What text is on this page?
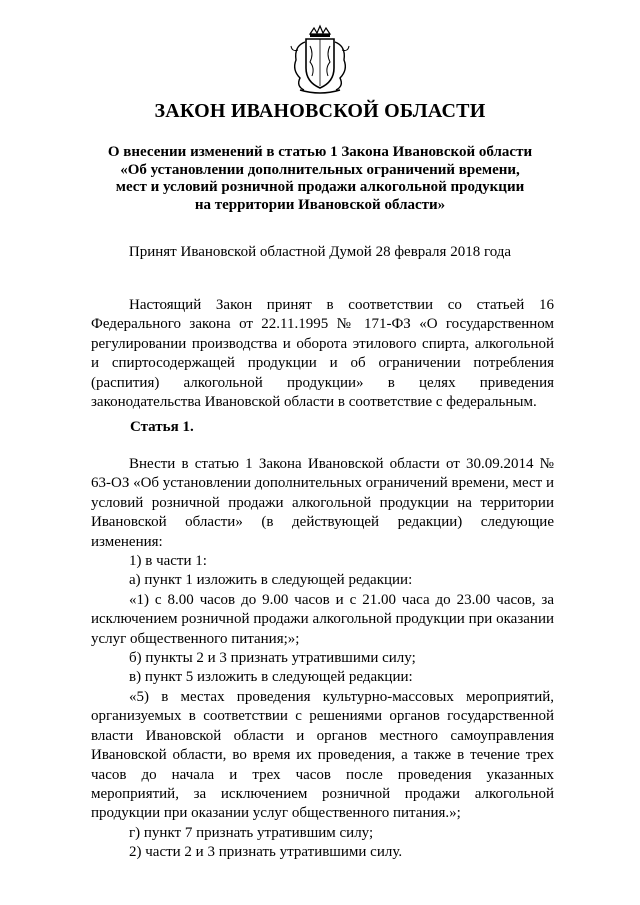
ЗАКОН ИВАНОВСКОЙ ОБЛАСТИ
О внесении изменений в статью 1 Закона Ивановской области
«Об установлении дополнительных ограничений времени,
мест и условий розничной продажи алкогольной продукции
на территории Ивановской области»
Принят Ивановской областной Думой 28 февраля 2018 года

Настоящий Закон принят в соответствии со статьей 16 Федерального закона от 22.11.1995 № 171-ФЗ «О государственном регулировании производства и оборота этилового спирта, алкогольной и спиртосодержащей продукции и об ограничении потребления (распития) алкогольной продукции» в целях приведения законодательства Ивановской области в соответствие с федеральным.

Статья 1.

Внести в статью 1 Закона Ивановской области от 30.09.2014 № 63-ОЗ «Об установлении дополнительных ограничений времени, мест и условий розничной продажи алкогольной продукции на территории Ивановской области» (в действующей редакции) следующие изменения:

1) в части 1:

а) пункт 1 изложить в следующей редакции:

«1) с 8.00 часов до 9.00 часов и с 21.00 часа до 23.00 часов, за исключением розничной продажи алкогольной продукции при оказании услуг общественного питания;»;

б) пункты 2 и 3 признать утратившими силу;

в) пункт 5 изложить в следующей редакции:

«5) в местах проведения культурно-массовых мероприятий, организуемых в соответствии с решениями органов государственной власти Ивановской области и органов местного самоуправления Ивановской области, во время их проведения, а также в течение трех часов до начала и трех часов после проведения указанных мероприятий, за исключением розничной продажи алкогольной продукции при оказании услуг общественного питания.»;

г) пункт 7 признать утратившим силу;

2) части 2 и 3 признать утратившими силу.
